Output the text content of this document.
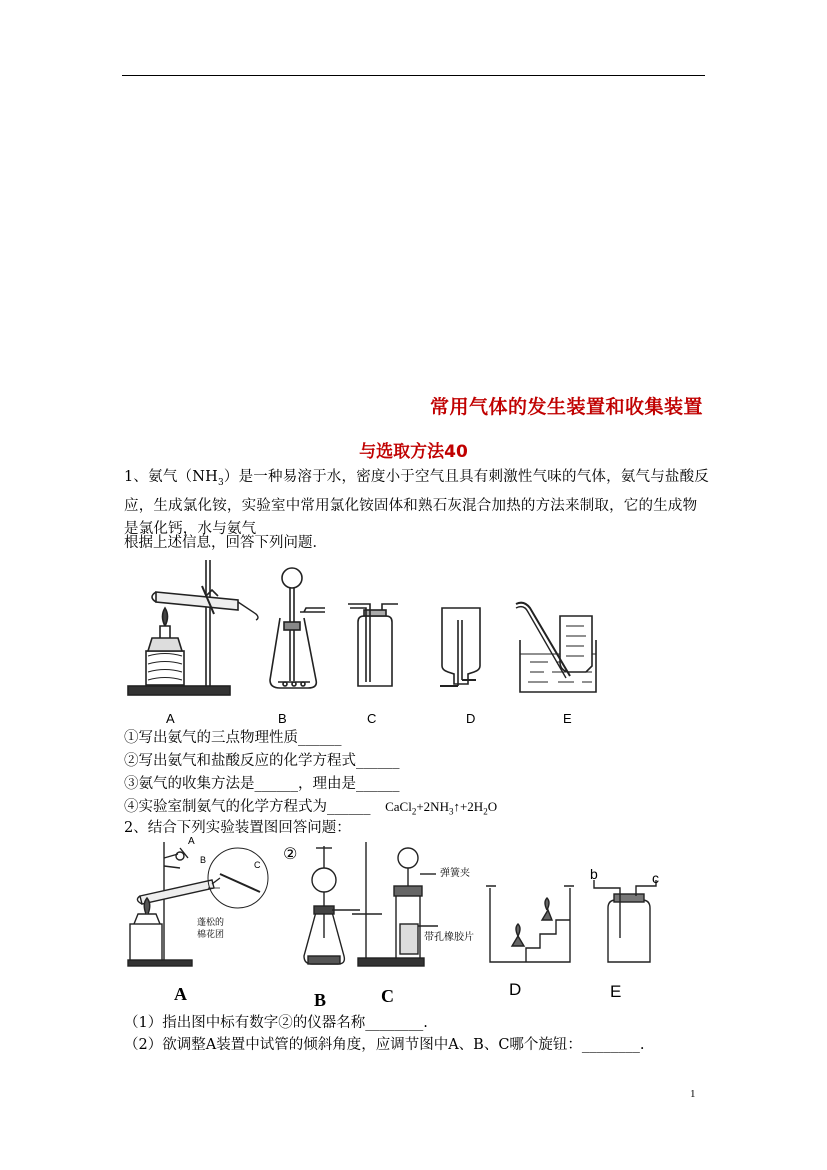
常用气体的发生装置和收集装置
与选取方法40
1、氨气$(NH_3)$是一种易溶于水，密度小于空气且具有刺激性气味的气体，氨气与盐酸反应，生成氯化铵，实验室中常用氯化铵固体和熟石灰混合加热的方法来制取，它的生成物是氯化钙，水与氨气
根据上述信息，回答下列问题．
A	B	C	D	E
①写出氨气的三点物理性质______
②写出氨气和盐酸反应的化学方程式______
③氨气的收集方法是______，理由是______
④实验室制氨气的化学方程式为______ $CaCl_2+2NH_3↑+2H_2O$
2、结合下列实验装置图回答问题：
A
B	C
蓬松的棉花团
②
弹簧夹
带孔橡胶片
b	c
A	B	C	D	E
（1）指出图中标有数字②的仪器名称________.
（2）欲调整A装置中试管的倾斜角度，应调节图中A、B、C哪个旋钮：________.
1
